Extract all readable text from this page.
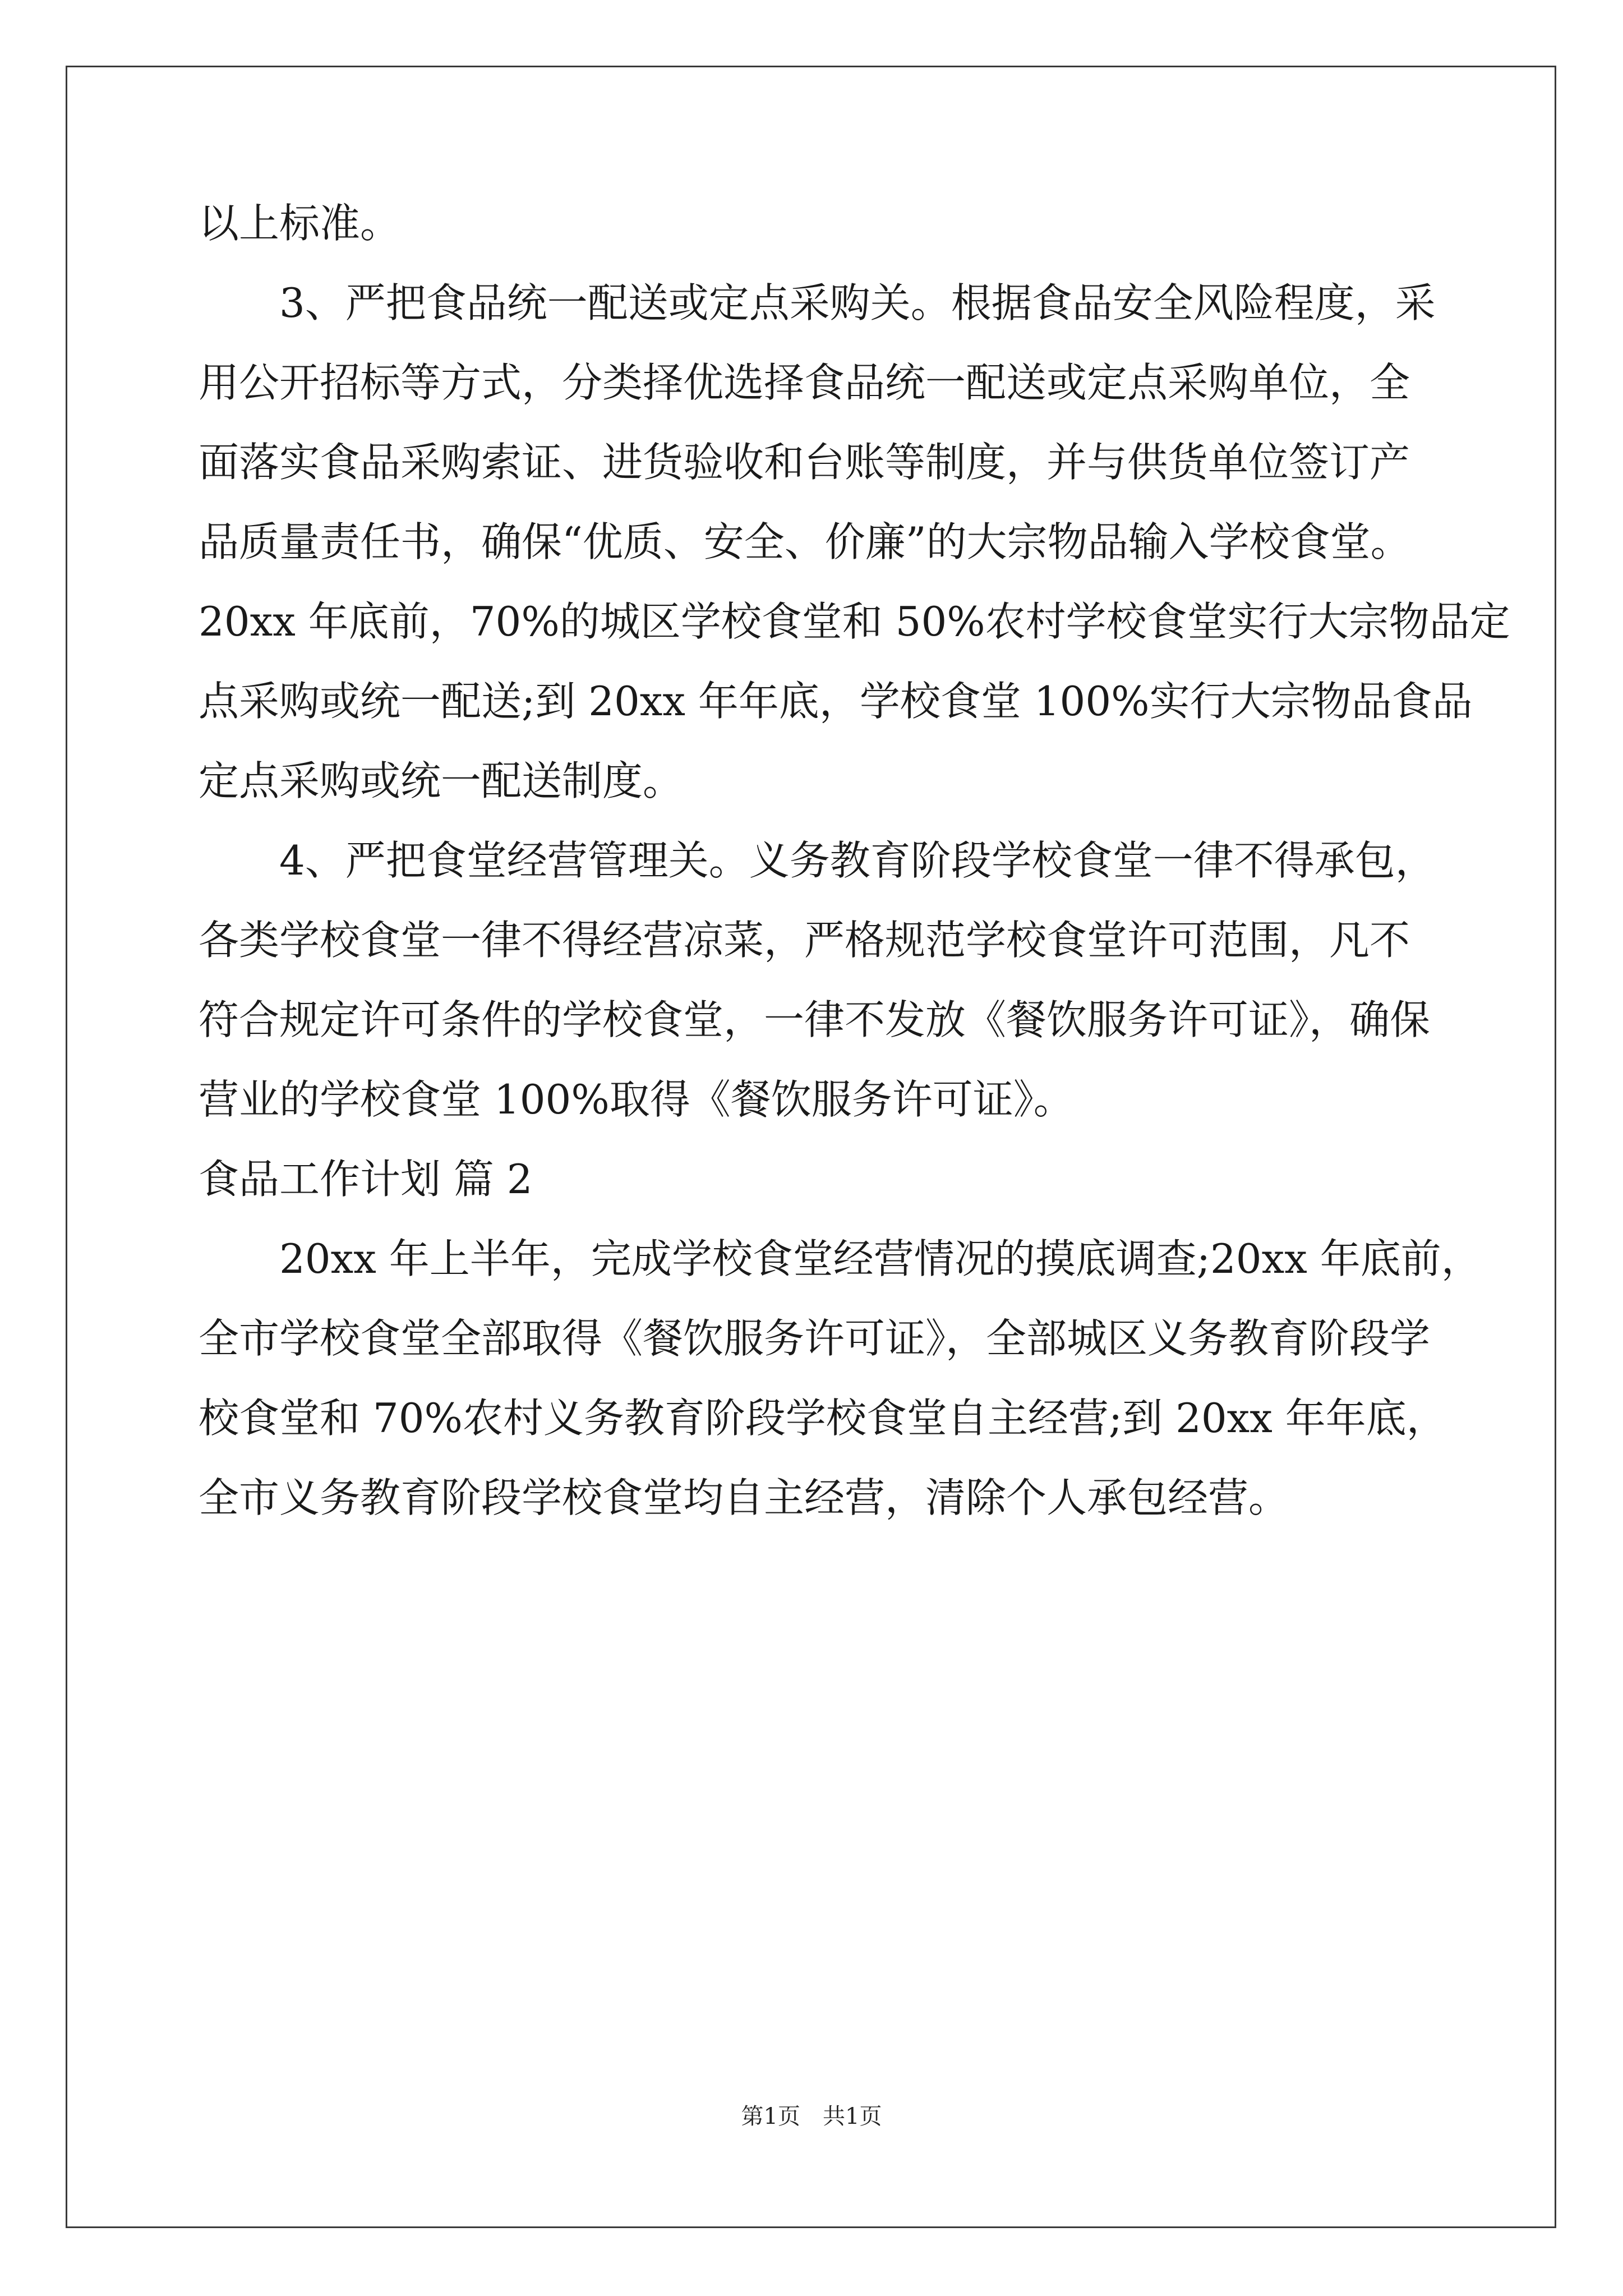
以上标准。
　　3、严把食品统一配送或定点采购关。根据食品安全风险程度，采
用公开招标等方式，分类择优选择食品统一配送或定点采购单位，全
面落实食品采购索证、进货验收和台账等制度，并与供货单位签订产
品质量责任书，确保“优质、安全、价廉”的大宗物品输入学校食堂。
20xx 年底前，70%的城区学校食堂和 50%农村学校食堂实行大宗物品定
点采购或统一配送;到 20xx 年年底，学校食堂 100%实行大宗物品食品
定点采购或统一配送制度。
　　4、严把食堂经营管理关。义务教育阶段学校食堂一律不得承包，
各类学校食堂一律不得经营凉菜，严格规范学校食堂许可范围，凡不
符合规定许可条件的学校食堂，一律不发放《餐饮服务许可证》，确保
营业的学校食堂 100%取得《餐饮服务许可证》。
食品工作计划 篇 2
　　20xx 年上半年，完成学校食堂经营情况的摸底调查;20xx 年底前，
全市学校食堂全部取得《餐饮服务许可证》，全部城区义务教育阶段学
校食堂和 70%农村义务教育阶段学校食堂自主经营;到 20xx 年年底，
全市义务教育阶段学校食堂均自主经营，清除个人承包经营。
第1页 共1页
